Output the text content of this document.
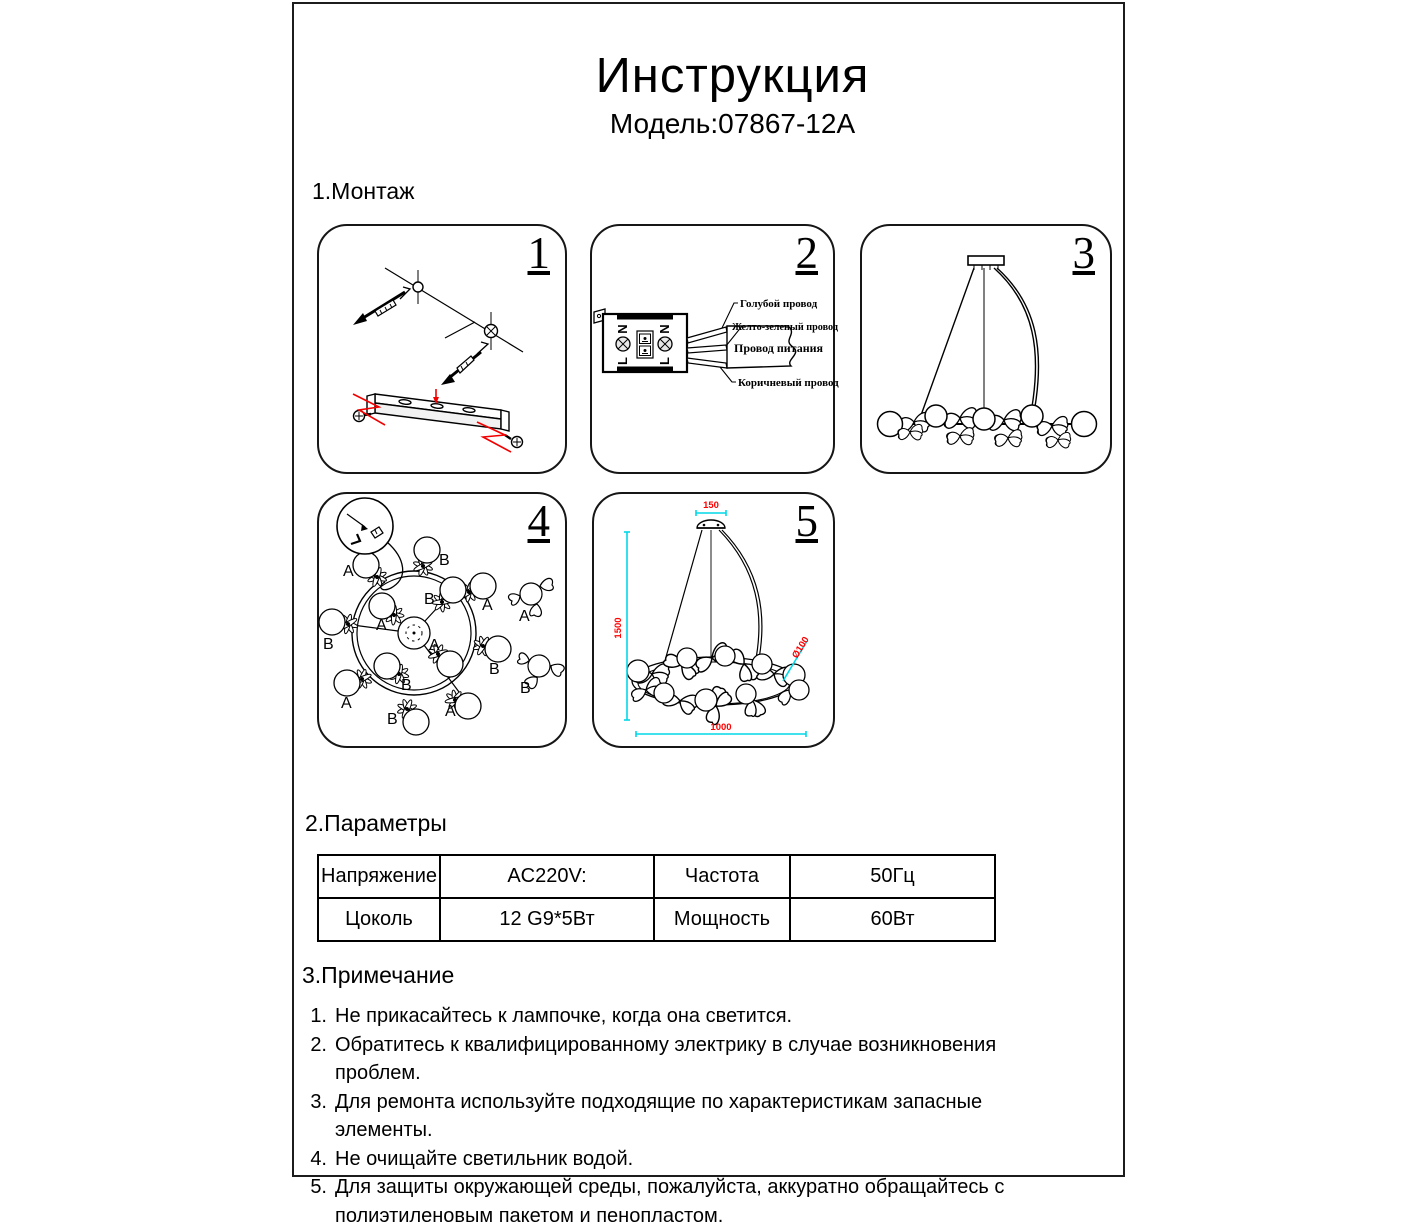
Инструкция
Модель:07867-12A
1.Монтаж
1
N
L
N
L
Провод питания
Голубой провод
Желто-зеленый провод
Коричневый провод
2	3
B
A
A
B
A
B
B
A
B
A
B	A
A
B
4	150
1500
1000
Ø100
5
2.Параметры
Напряжение	AC220V:	Частота	50Гц
Цоколь	12 G9*5Вт	Мощность	60Вт
3.Примечание
1. Не прикасайтесь к лампочке, когда она светится.
2. Обратитесь к квалифицированному электрику в случае возникновения проблем.
3. Для ремонта используйте подходящие по характеристикам запасные элементы.
4. Не очищайте светильник водой.
5. Для защиты окружающей среды, пожалуйста, аккуратно обращайтесь с полиэтиленовым пакетом и пенопластом.
